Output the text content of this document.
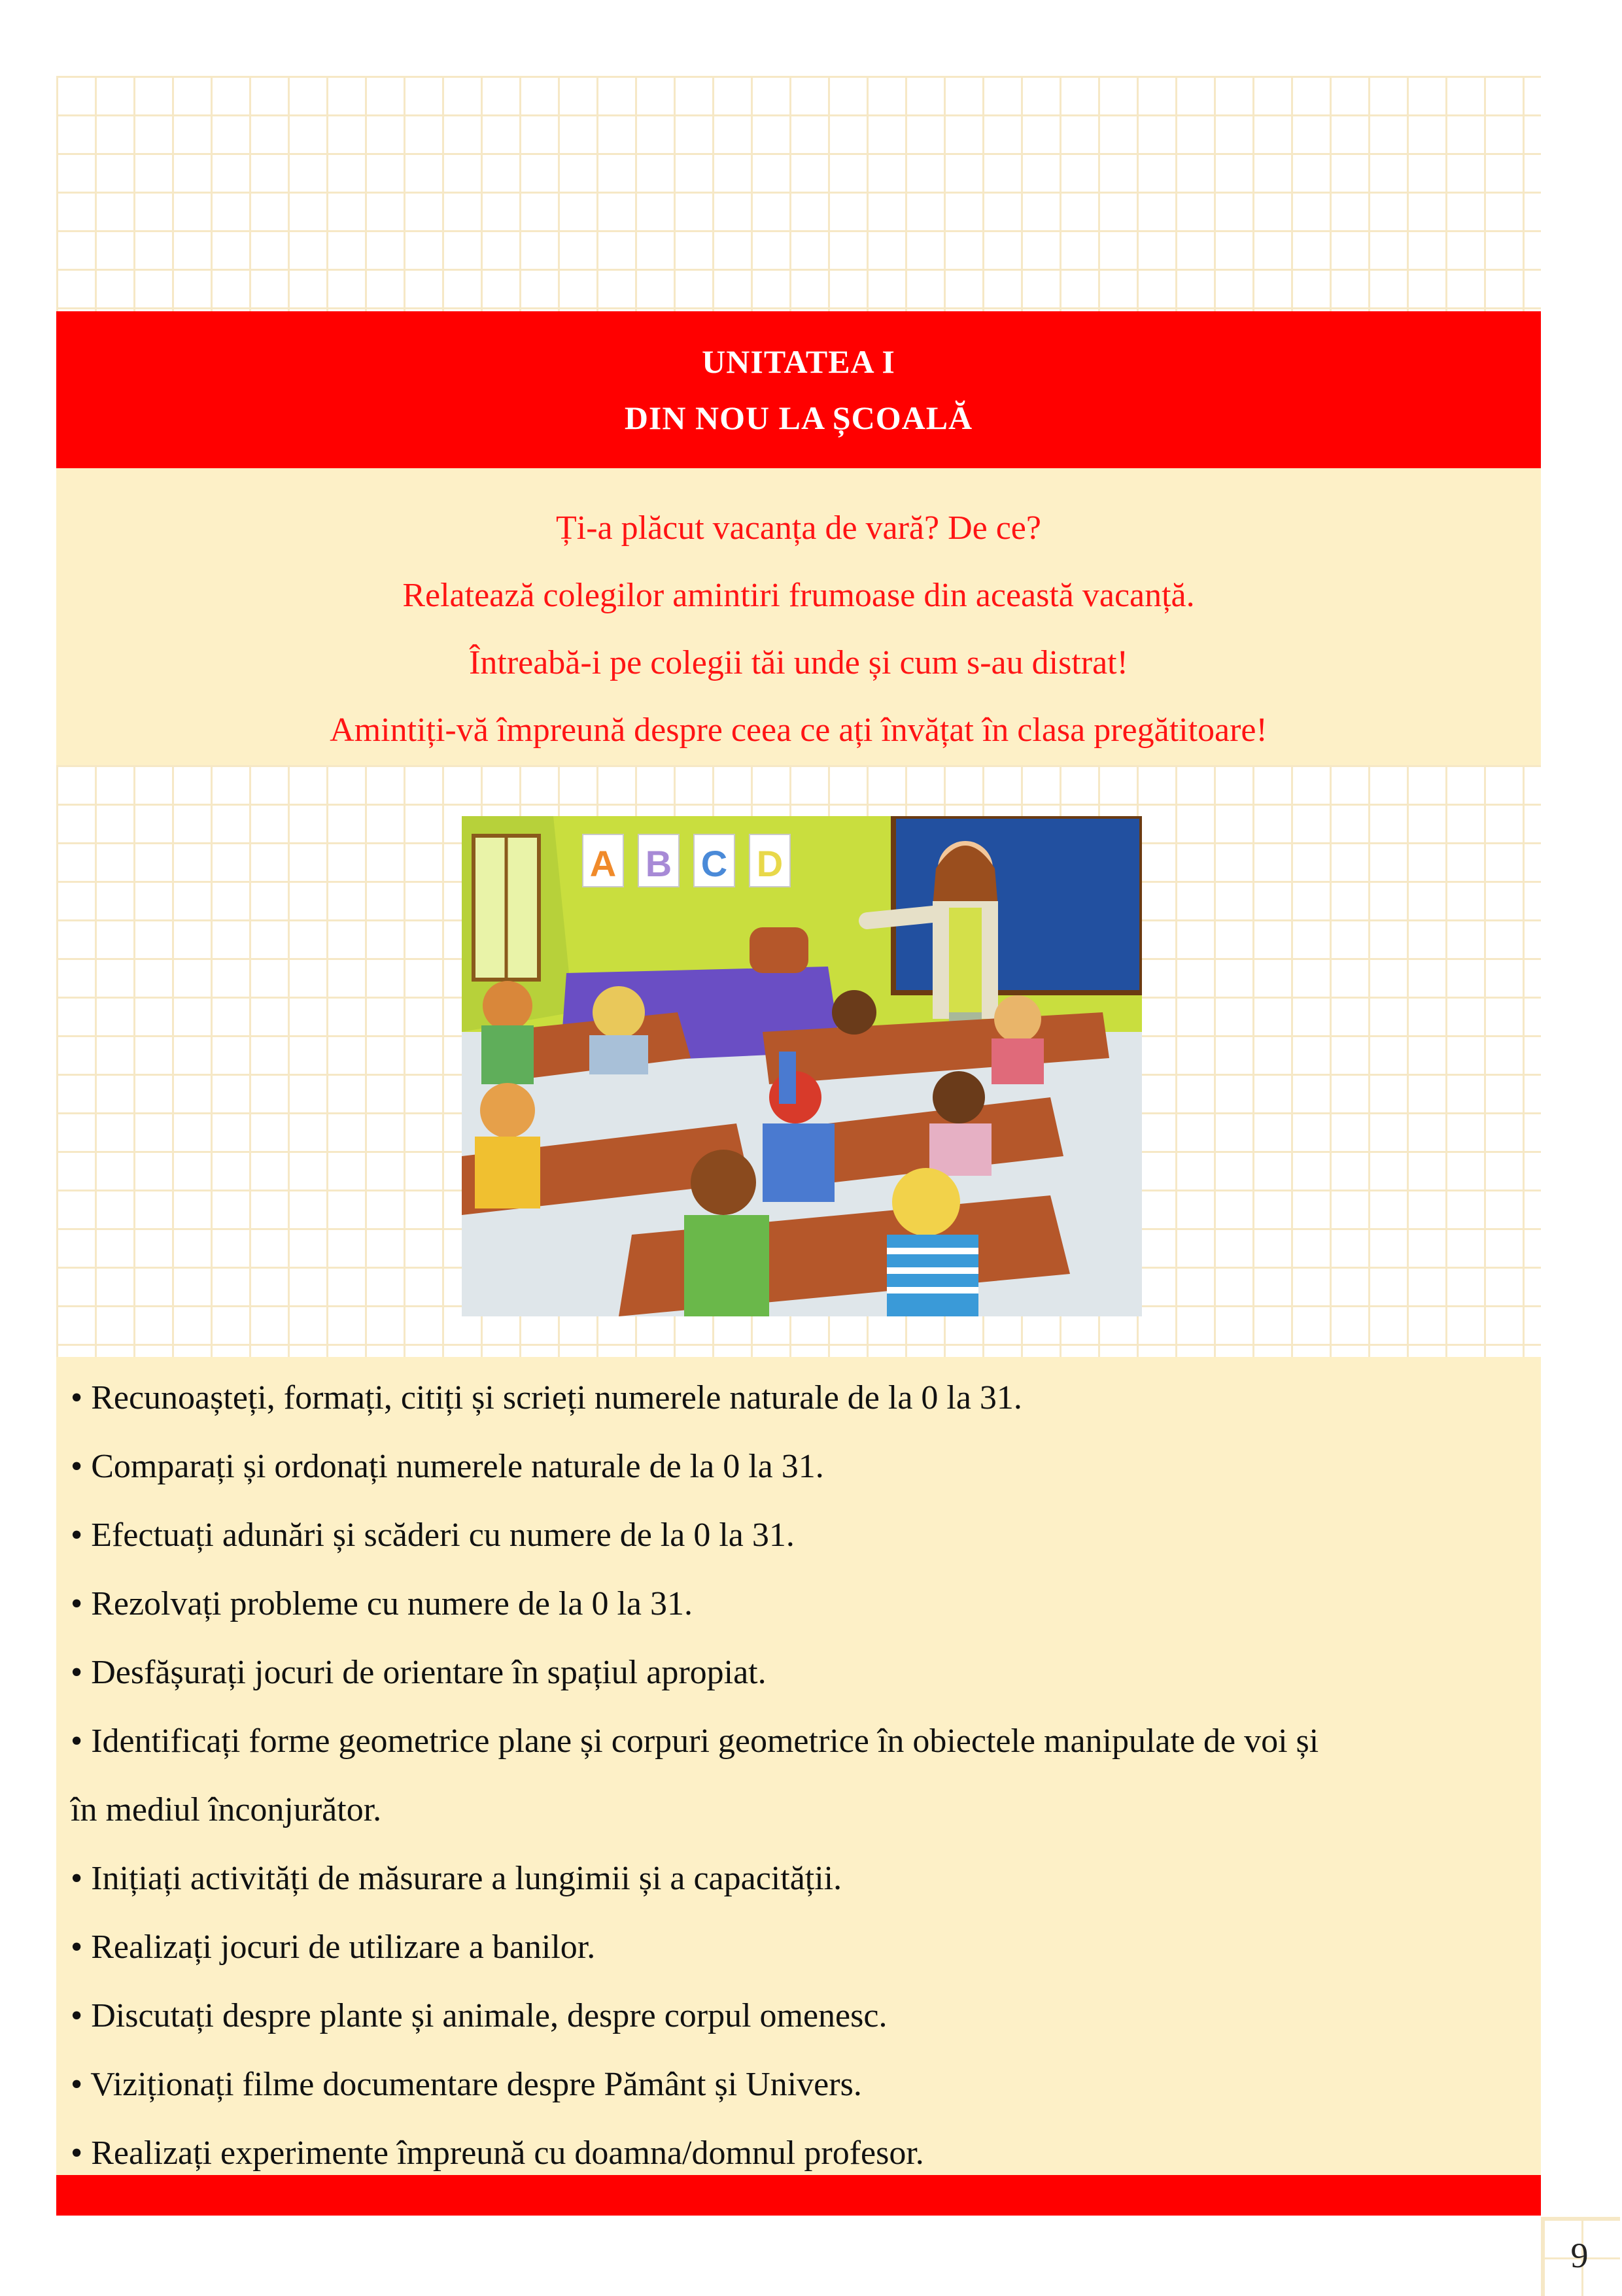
UNITATEA I
DIN NOU LA ȘCOALĂ
Ți-a plăcut vacanța de vară? De ce?
Relatează colegilor amintiri frumoase din această vacanță.
Întreabă-i pe colegii tăi unde și cum s-au distrat!
Amintiți-vă împreună despre ceea ce ați învățat în clasa pregătitoare!
A B C D
• Recunoașteți, formați, citiți și scrieți numerele naturale de la 0 la 31.
• Comparați și ordonați numerele naturale de la 0 la 31.
• Efectuați adunări și scăderi cu numere de la 0 la 31.
• Rezolvați probleme cu numere de la 0 la 31.
• Desfășurați jocuri de orientare în spațiul apropiat.
• Identificați forme geometrice plane și corpuri geometrice în obiectele manipulate de voi și
în mediul înconjurător.
• Inițiați activități de măsurare a lungimii și a capacității.
• Realizați jocuri de utilizare a banilor.
• Discutați despre plante și animale, despre corpul omenesc.
• Viziționați filme documentare despre Pământ și Univers.
• Realizați experimente împreună cu doamna/domnul profesor.
9
